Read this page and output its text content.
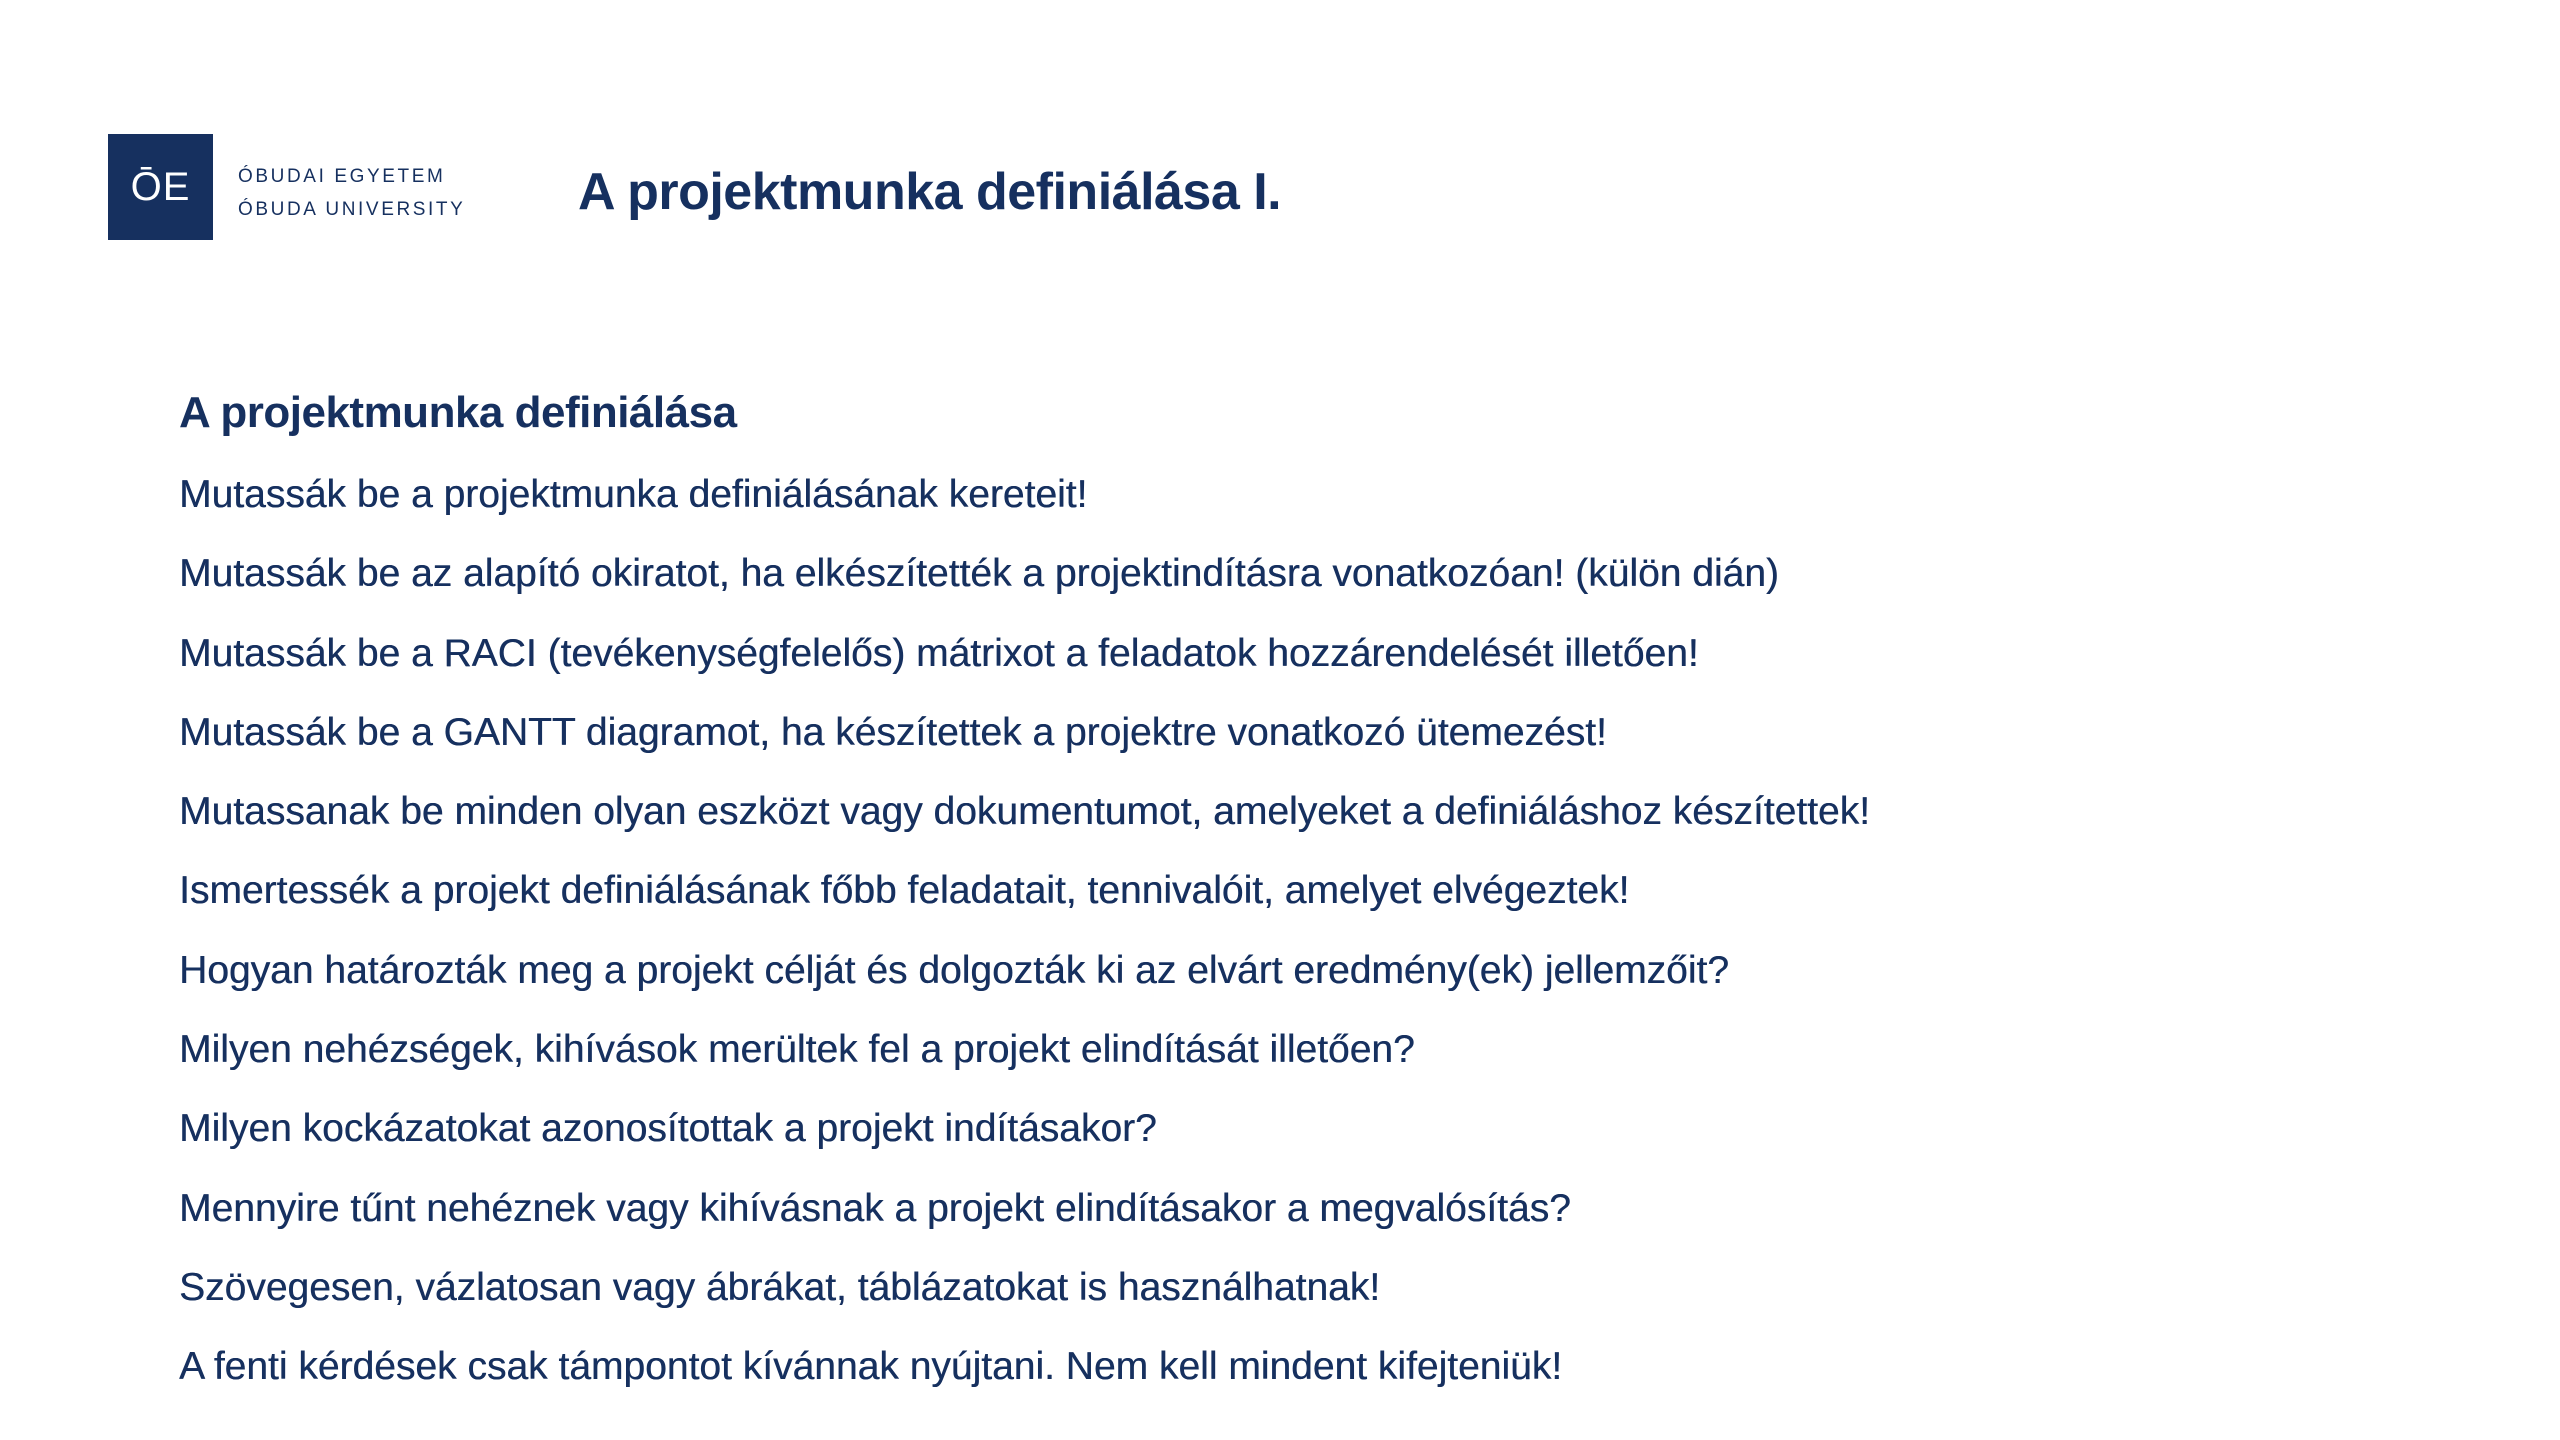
ŌE	ÓBUDAI EGYETEM
ÓBUDA UNIVERSITY A projektmunka definiálása I.
A projektmunka definiálása
Mutassák be a projektmunka definiálásának kereteit!
Mutassák be az alapító okiratot, ha elkészítették a projektindításra vonatkozóan! (külön dián)
Mutassák be a RACI (tevékenységfelelős) mátrixot a feladatok hozzárendelését illetően!
Mutassák be a GANTT diagramot, ha készítettek a projektre vonatkozó ütemezést!
Mutassanak be minden olyan eszközt vagy dokumentumot, amelyeket a definiáláshoz készítettek!
Ismertessék a projekt definiálásának főbb feladatait, tennivalóit, amelyet elvégeztek!
Hogyan határozták meg a projekt célját és dolgozták ki az elvárt eredmény(ek) jellemzőit?
Milyen nehézségek, kihívások merültek fel a projekt elindítását illetően?
Milyen kockázatokat azonosítottak a projekt indításakor?
Mennyire tűnt nehéznek vagy kihívásnak a projekt elindításakor a megvalósítás?
Szövegesen, vázlatosan vagy ábrákat, táblázatokat is használhatnak!
A fenti kérdések csak támpontot kívánnak nyújtani. Nem kell mindent kifejteniük!
